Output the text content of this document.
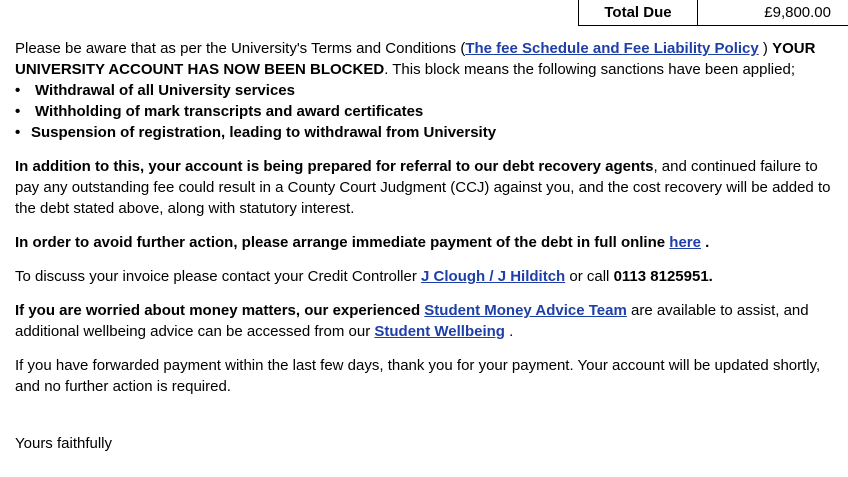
Total Due	£9,800.00

Please be aware that as per the University's Terms and Conditions (The fee Schedule and Fee Liability Policy ) YOUR UNIVERSITY ACCOUNT HAS NOW BEEN BLOCKED. This block means the following sanctions have been applied;

• Withdrawal of all University services
• Withholding of mark transcripts and award certificates
• Suspension of registration, leading to withdrawal from University

In addition to this, your account is being prepared for referral to our debt recovery agents, and continued failure to pay any outstanding fee could result in a County Court Judgment (CCJ) against you, and the cost recovery will be added to the debt stated above, along with statutory interest.

In order to avoid further action, please arrange immediate payment of the debt in full online here .

To discuss your invoice please contact your Credit Controller J Clough / J Hilditch or call 0113 8125951.

If you are worried about money matters, our experienced Student Money Advice Team are available to assist, and additional wellbeing advice can be accessed from our Student Wellbeing .

If you have forwarded payment within the last few days, thank you for your payment. Your account will be updated shortly, and no further action is required.

Yours faithfully
